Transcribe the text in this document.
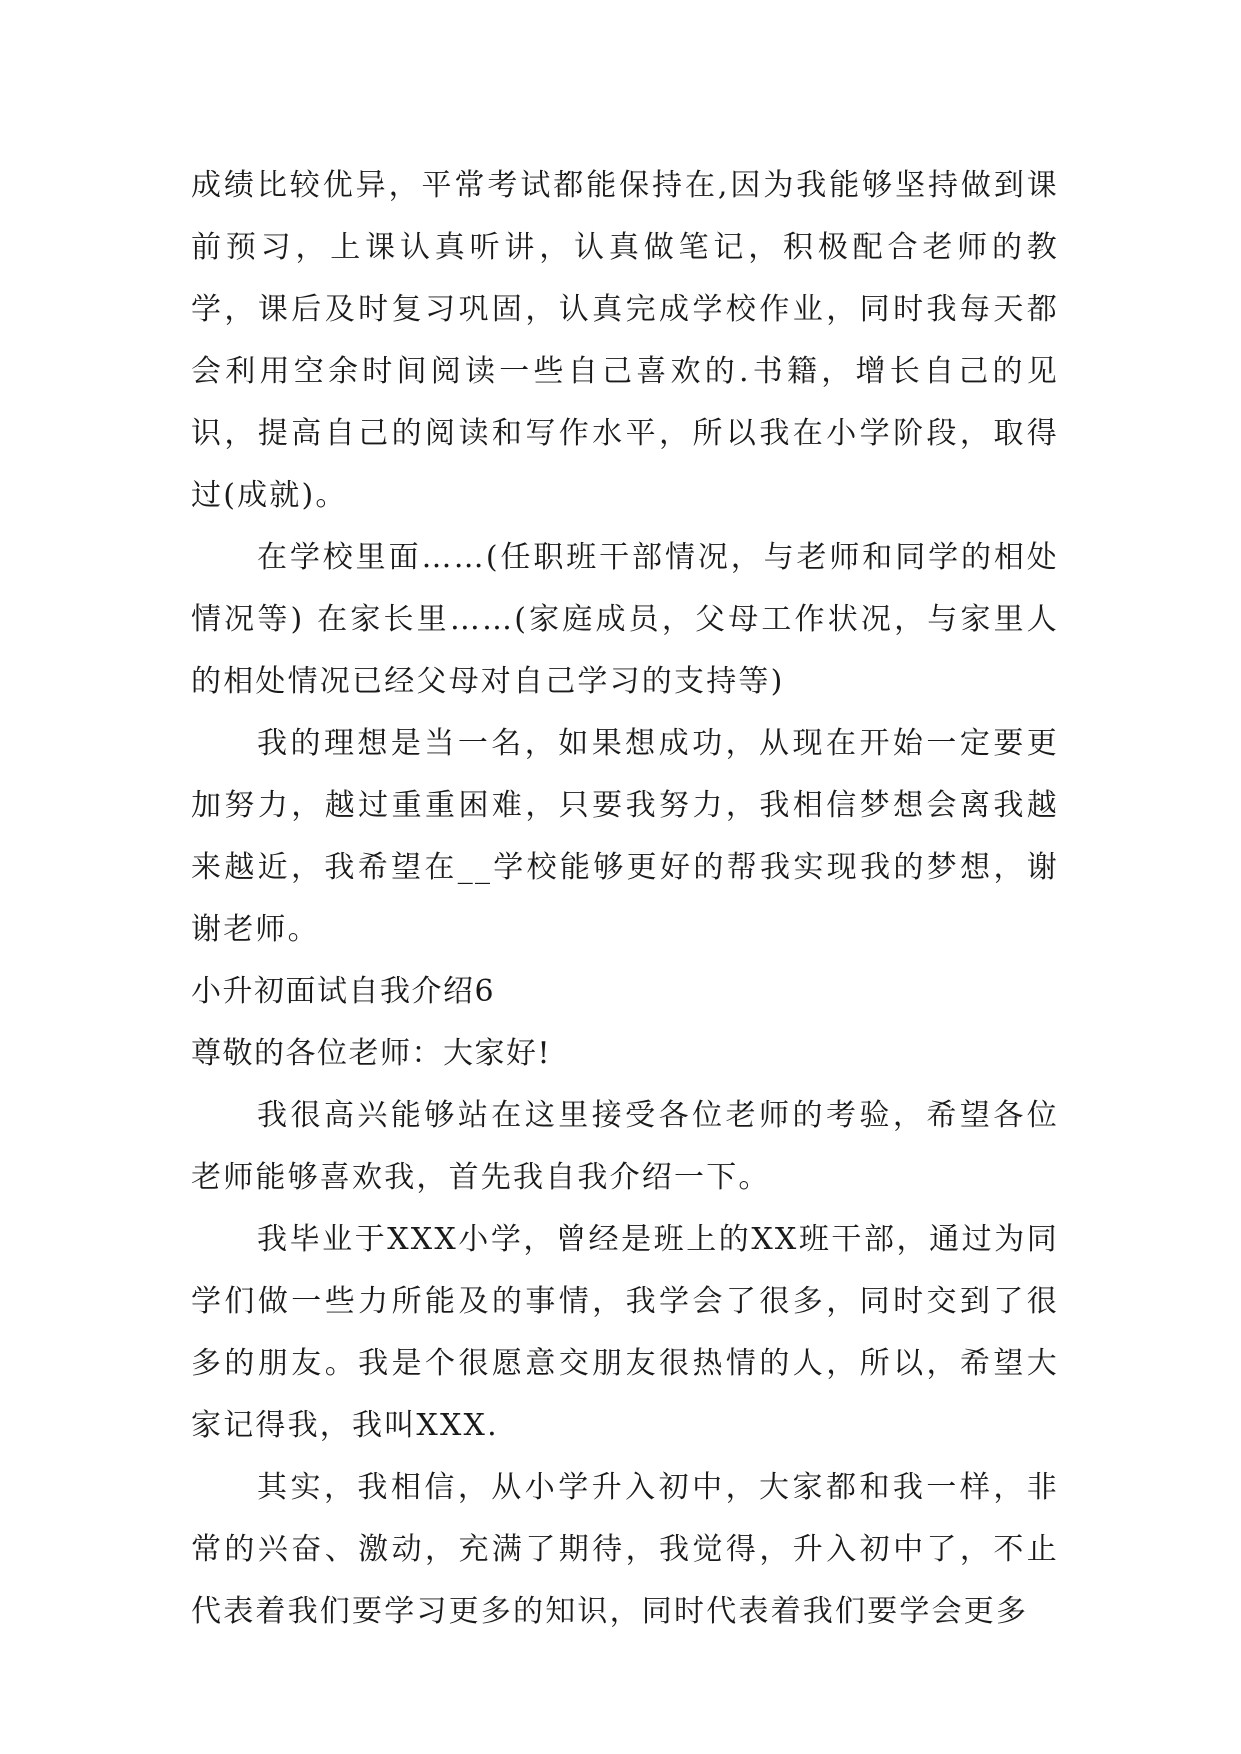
成绩比较优异，平常考试都能保持在,因为我能够坚持做到课前预习，上课认真听讲，认真做笔记，积极配合老师的教学，课后及时复习巩固，认真完成学校作业，同时我每天都会利用空余时间阅读一些自己喜欢的.书籍，增长自己的见识，提高自己的阅读和写作水平，所以我在小学阶段，取得过(成就)。

在学校里面……(任职班干部情况，与老师和同学的相处情况等) 在家长里……(家庭成员，父母工作状况，与家里人的相处情况已经父母对自己学习的支持等)

我的理想是当一名，如果想成功，从现在开始一定要更加努力，越过重重困难，只要我努力，我相信梦想会离我越来越近，我希望在__学校能够更好的帮我实现我的梦想，谢谢老师。

小升初面试自我介绍6

尊敬的各位老师：大家好!

我很高兴能够站在这里接受各位老师的考验，希望各位老师能够喜欢我，首先我自我介绍一下。

我毕业于XXX小学，曾经是班上的XX班干部，通过为同学们做一些力所能及的事情，我学会了很多，同时交到了很多的朋友。我是个很愿意交朋友很热情的人，所以，希望大家记得我，我叫XXX.

其实，我相信，从小学升入初中，大家都和我一样，非常的兴奋、激动，充满了期待，我觉得，升入初中了，不止代表着我们要学习更多的知识，同时代表着我们要学会更多
